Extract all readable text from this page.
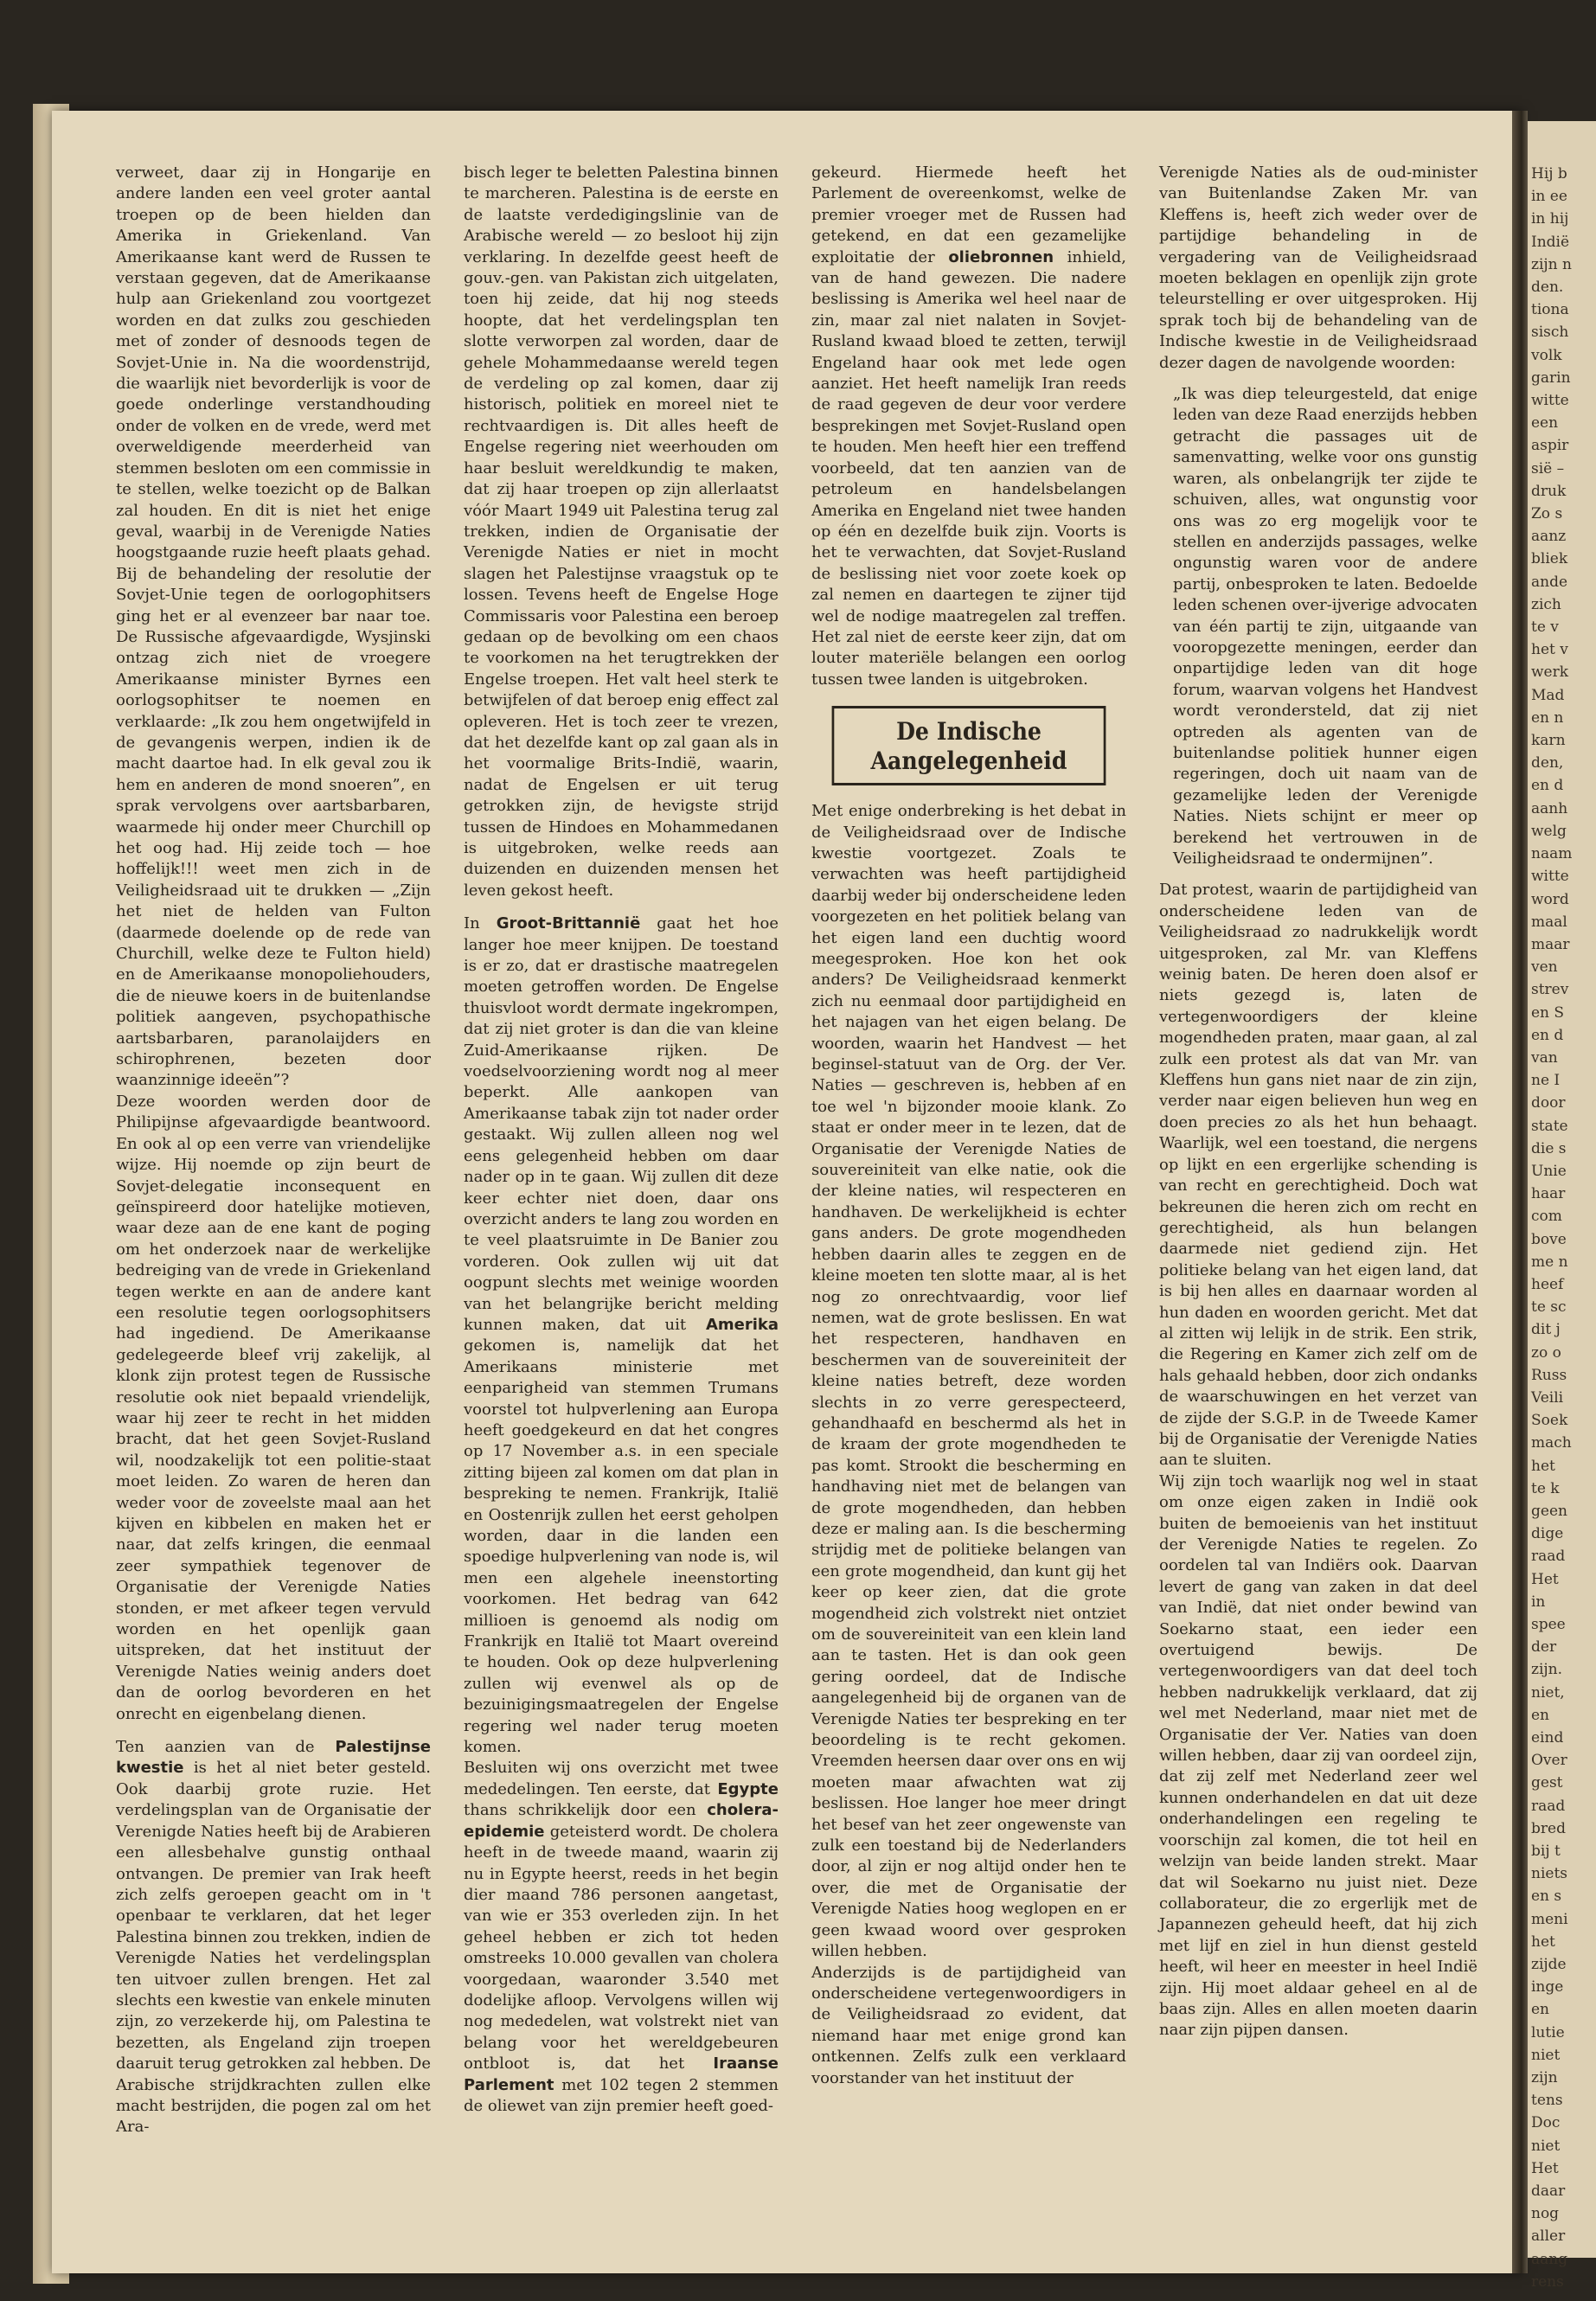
verweet, daar zij in Hongarije en andere landen een veel groter aantal troepen op de been hielden dan Amerika in Griekenland. Van Amerikaanse kant werd de Russen te verstaan gegeven, dat de Amerikaanse hulp aan Griekenland zou voortgezet worden en dat zulks zou geschieden met of zonder of desnoods tegen de Sovjet-Unie in. Na die woordenstrijd, die waarlijk niet bevorderlijk is voor de goede onderlinge verstandhouding onder de volken en de vrede, werd met overweldigende meerderheid van stemmen besloten om een commissie in te stellen, welke toezicht op de Balkan zal houden. En dit is niet het enige geval, waarbij in de Verenigde Naties hoogstgaande ruzie heeft plaats gehad. Bij de behandeling der resolutie der Sovjet-Unie tegen de oorlogophitsers ging het er al evenzeer bar naar toe. De Russische afgevaardigde, Wysjinski ontzag zich niet de vroegere Amerikaanse minister Byrnes een oorlogsophitser te noemen en verklaarde: „Ik zou hem ongetwijfeld in de gevangenis werpen, indien ik de macht daartoe had. In elk geval zou ik hem en anderen de mond snoeren”, en sprak vervolgens over aartsbarbaren, waarmede hij onder meer Churchill op het oog had. Hij zeide toch — hoe hoffelijk!!! weet men zich in de Veiligheidsraad uit te drukken — „Zijn het niet de helden van Fulton (daarmede doelende op de rede van Churchill, welke deze te Fulton hield) en de Amerikaanse monopoliehouders, die de nieuwe koers in de buitenlandse politiek aangeven, psychopathische aartsbarbaren, paranolaijders en schirophrenen, bezeten door waanzinnige ideeën”?

Deze woorden werden door de Philipijnse afgevaardigde beantwoord. En ook al op een verre van vriendelijke wijze. Hij noemde op zijn beurt de Sovjet-delegatie inconsequent en geïnspireerd door hatelijke motieven, waar deze aan de ene kant de poging om het onderzoek naar de werkelijke bedreiging van de vrede in Griekenland tegen werkte en aan de andere kant een resolutie tegen oorlogsophitsers had ingediend. De Amerikaanse gedelegeerde bleef vrij zakelijk, al klonk zijn protest tegen de Russische resolutie ook niet bepaald vriendelijk, waar hij zeer te recht in het midden bracht, dat het geen Sovjet-Rusland wil, noodzakelijk tot een politie-staat moet leiden. Zo waren de heren dan weder voor de zoveelste maal aan het kijven en kibbelen en maken het er naar, dat zelfs kringen, die eenmaal zeer sympathiek tegenover de Organisatie der Verenigde Naties stonden, er met afkeer tegen vervuld worden en het openlijk gaan uitspreken, dat het instituut der Verenigde Naties weinig anders doet dan de oorlog bevorderen en het onrecht en eigenbelang dienen.

Ten aanzien van de Palestijnse kwestie is het al niet beter gesteld. Ook daarbij grote ruzie. Het verdelingsplan van de Organisatie der Verenigde Naties heeft bij de Arabieren een allesbehalve gunstig onthaal ontvangen. De premier van Irak heeft zich zelfs geroepen geacht om in 't openbaar te verklaren, dat het leger Palestina binnen zou trekken, indien de Verenigde Naties het verdelingsplan ten uitvoer zullen brengen. Het zal slechts een kwestie van enkele minuten zijn, zo verzekerde hij, om Palestina te bezetten, als Engeland zijn troepen daaruit terug getrokken zal hebben. De Arabische strijdkrachten zullen elke macht bestrijden, die pogen zal om het Ara-

bisch leger te beletten Palestina binnen te marcheren. Palestina is de eerste en de laatste verdedigingslinie van de Arabische wereld — zo besloot hij zijn verklaring. In dezelfde geest heeft de gouv.-gen. van Pakistan zich uitgelaten, toen hij zeide, dat hij nog steeds hoopte, dat het verdelingsplan ten slotte verworpen zal worden, daar de gehele Mohammedaanse wereld tegen de verdeling op zal komen, daar zij historisch, politiek en moreel niet te rechtvaardigen is. Dit alles heeft de Engelse regering niet weerhouden om haar besluit wereldkundig te maken, dat zij haar troepen op zijn allerlaatst vóór Maart 1949 uit Palestina terug zal trekken, indien de Organisatie der Verenigde Naties er niet in mocht slagen het Palestijnse vraagstuk op te lossen. Tevens heeft de Engelse Hoge Commissaris voor Palestina een beroep gedaan op de bevolking om een chaos te voorkomen na het terugtrekken der Engelse troepen. Het valt heel sterk te betwijfelen of dat beroep enig effect zal opleveren. Het is toch zeer te vrezen, dat het dezelfde kant op zal gaan als in het voormalige Brits-Indië, waarin, nadat de Engelsen er uit terug getrokken zijn, de hevigste strijd tussen de Hindoes en Mohammedanen is uitgebroken, welke reeds aan duizenden en duizenden mensen het leven gekost heeft.

In Groot-Brittannië gaat het hoe langer hoe meer knijpen. De toestand is er zo, dat er drastische maatregelen moeten getroffen worden. De Engelse thuisvloot wordt dermate ingekrompen, dat zij niet groter is dan die van kleine Zuid-Amerikaanse rijken. De voedselvoorziening wordt nog al meer beperkt. Alle aankopen van Amerikaanse tabak zijn tot nader order gestaakt. Wij zullen alleen nog wel eens gelegenheid hebben om daar nader op in te gaan. Wij zullen dit deze keer echter niet doen, daar ons overzicht anders te lang zou worden en te veel plaatsruimte in De Banier zou vorderen. Ook zullen wij uit dat oogpunt slechts met weinige woorden van het belangrijke bericht melding kunnen maken, dat uit Amerika gekomen is, namelijk dat het Amerikaans ministerie met eenparigheid van stemmen Trumans voorstel tot hulpverlening aan Europa heeft goedgekeurd en dat het congres op 17 November a.s. in een speciale zitting bijeen zal komen om dat plan in bespreking te nemen. Frankrijk, Italië en Oostenrijk zullen het eerst geholpen worden, daar in die landen een spoedige hulpverlening van node is, wil men een algehele ineenstorting voorkomen. Het bedrag van 642 millioen is genoemd als nodig om Frankrijk en Italië tot Maart overeind te houden. Ook op deze hulpverlening zullen wij evenwel als op de bezuinigingsmaatregelen der Engelse regering wel nader terug moeten komen.

Besluiten wij ons overzicht met twee mededelingen. Ten eerste, dat Egypte thans schrikkelijk door een cholera-epidemie geteisterd wordt. De cholera heeft in de tweede maand, waarin zij nu in Egypte heerst, reeds in het begin dier maand 786 personen aangetast, van wie er 353 overleden zijn. In het geheel hebben er zich tot heden omstreeks 10.000 gevallen van cholera voorgedaan, waaronder 3.540 met dodelijke afloop. Vervolgens willen wij nog mededelen, wat volstrekt niet van belang voor het wereldgebeuren ontbloot is, dat het Iraanse Parlement met 102 tegen 2 stemmen de oliewet van zijn premier heeft goed-

gekeurd. Hiermede heeft het Parlement de overeenkomst, welke de premier vroeger met de Russen had getekend, en dat een gezamelijke exploitatie der oliebronnen inhield, van de hand gewezen. Die nadere beslissing is Amerika wel heel naar de zin, maar zal niet nalaten in Sovjet-Rusland kwaad bloed te zetten, terwijl Engeland haar ook met lede ogen aanziet. Het heeft namelijk Iran reeds de raad gegeven de deur voor verdere besprekingen met Sovjet-Rusland open te houden. Men heeft hier een treffend voorbeeld, dat ten aanzien van de petroleum en handelsbelangen Amerika en Engeland niet twee handen op één en dezelfde buik zijn. Voorts is het te verwachten, dat Sovjet-Rusland de beslissing niet voor zoete koek op zal nemen en daartegen te zijner tijd wel de nodige maatregelen zal treffen. Het zal niet de eerste keer zijn, dat om louter materiële belangen een oorlog tussen twee landen is uitgebroken.

De Indische Aangelegenheid

Met enige onderbreking is het debat in de Veiligheidsraad over de Indische kwestie voortgezet. Zoals te verwachten was heeft partijdigheid daarbij weder bij onderscheidene leden voorgezeten en het politiek belang van het eigen land een duchtig woord meegesproken. Hoe kon het ook anders? De Veiligheidsraad kenmerkt zich nu eenmaal door partijdigheid en het najagen van het eigen belang. De woorden, waarin het Handvest — het beginsel-statuut van de Org. der Ver. Naties — geschreven is, hebben af en toe wel 'n bijzonder mooie klank. Zo staat er onder meer in te lezen, dat de Organisatie der Verenigde Naties de souvereiniteit van elke natie, ook die der kleine naties, wil respecteren en handhaven. De werkelijkheid is echter gans anders. De grote mogendheden hebben daarin alles te zeggen en de kleine moeten ten slotte maar, al is het nog zo onrechtvaardig, voor lief nemen, wat de grote beslissen. En wat het respecteren, handhaven en beschermen van de souvereiniteit der kleine naties betreft, deze worden slechts in zo verre gerespecteerd, gehandhaafd en beschermd als het in de kraam der grote mogendheden te pas komt. Strookt die bescherming en handhaving niet met de belangen van de grote mogendheden, dan hebben deze er maling aan. Is die bescherming strijdig met de politieke belangen van een grote mogendheid, dan kunt gij het keer op keer zien, dat die grote mogendheid zich volstrekt niet ontziet om de souvereiniteit van een klein land aan te tasten. Het is dan ook geen gering oordeel, dat de Indische aangelegenheid bij de organen van de Verenigde Naties ter bespreking en ter beoordeling is te recht gekomen. Vreemden heersen daar over ons en wij moeten maar afwachten wat zij beslissen. Hoe langer hoe meer dringt het besef van het zeer ongewenste van zulk een toestand bij de Nederlanders door, al zijn er nog altijd onder hen te over, die met de Organisatie der Verenigde Naties hoog weglopen en er geen kwaad woord over gesproken willen hebben.

Anderzijds is de partijdigheid van onderscheidene vertegenwoordigers in de Veiligheidsraad zo evident, dat niemand haar met enige grond kan ontkennen. Zelfs zulk een verklaard voorstander van het instituut der

Verenigde Naties als de oud-minister van Buitenlandse Zaken Mr. van Kleffens is, heeft zich weder over de partijdige behandeling in de vergadering van de Veiligheidsraad moeten beklagen en openlijk zijn grote teleurstelling er over uitgesproken. Hij sprak toch bij de behandeling van de Indische kwestie in de Veiligheidsraad dezer dagen de navolgende woorden:

„Ik was diep teleurgesteld, dat enige leden van deze Raad enerzijds hebben getracht die passages uit de samenvatting, welke voor ons gunstig waren, als onbelangrijk ter zijde te schuiven, alles, wat ongunstig voor ons was zo erg mogelijk voor te stellen en anderzijds passages, welke ongunstig waren voor de andere partij, onbesproken te laten. Bedoelde leden schenen over-ijverige advocaten van één partij te zijn, uitgaande van vooropgezette meningen, eerder dan onpartijdige leden van dit hoge forum, waarvan volgens het Handvest wordt verondersteld, dat zij niet optreden als agenten van de buitenlandse politiek hunner eigen regeringen, doch uit naam van de gezamelijke leden der Verenigde Naties. Niets schijnt er meer op berekend het vertrouwen in de Veiligheidsraad te ondermijnen”.

Dat protest, waarin de partijdigheid van onderscheidene leden van de Veiligheidsraad zo nadrukkelijk wordt uitgesproken, zal Mr. van Kleffens weinig baten. De heren doen alsof er niets gezegd is, laten de vertegenwoordigers der kleine mogendheden praten, maar gaan, al zal zulk een protest als dat van Mr. van Kleffens hun gans niet naar de zin zijn, verder naar eigen believen hun weg en doen precies zo als het hun behaagt. Waarlijk, wel een toestand, die nergens op lijkt en een ergerlijke schending is van recht en gerechtigheid. Doch wat bekreunen die heren zich om recht en gerechtigheid, als hun belangen daarmede niet gediend zijn. Het politieke belang van het eigen land, dat is bij hen alles en daarnaar worden al hun daden en woorden gericht. Met dat al zitten wij lelijk in de strik. Een strik, die Regering en Kamer zich zelf om de hals gehaald hebben, door zich ondanks de waarschuwingen en het verzet van de zijde der S.G.P. in de Tweede Kamer bij de Organisatie der Verenigde Naties aan te sluiten.

Wij zijn toch waarlijk nog wel in staat om onze eigen zaken in Indië ook buiten de bemoeienis van het instituut der Verenigde Naties te regelen. Zo oordelen tal van Indiërs ook. Daarvan levert de gang van zaken in dat deel van Indië, dat niet onder bewind van Soekarno staat, een ieder een overtuigend bewijs. De vertegenwoordigers van dat deel toch hebben nadrukkelijk verklaard, dat zij wel met Nederland, maar niet met de Organisatie der Ver. Naties van doen willen hebben, daar zij van oordeel zijn, dat zij zelf met Nederland zeer wel kunnen onderhandelen en dat uit deze onderhandelingen een regeling te voorschijn zal komen, die tot heil en welzijn van beide landen strekt. Maar dat wil Soekarno nu juist niet. Deze collaborateur, die zo ergerlijk met de Japannezen geheuld heeft, dat hij zich met lijf en ziel in hun dienst gesteld heeft, wil heer en meester in heel Indië zijn. Hij moet aldaar geheel en al de baas zijn. Alles en allen moeten daarin naar zijn pijpen dansen.

Hij b
in ee
in hij
Indië
zijn n
den.
tiona
sisch
volk
garin
witte
een
aspir
sië –
druk
Zo s
aanz
bliek
ande
zich
te v
het v
werk
Mad
en n
karn
den,
en d
aanh
welg
naam
witte
word
maal
maar
ven
strev
en S
en d
van
ne I
door
state
die s
Unie
haar
com
bove
me n
heef
te sc
dit j
zo o
Russ
Veili
Soek
mach
het
te k
geen
dige
raad
Het
in
spee
der
zijn.
niet,
en
eind
Over
gest
raad
bred
bij t
niets
en s
meni
het
zijde
inge
en
lutie
niet
zijn
tens
Doc
niet
Het
daar
nog
aller
aang
rens
